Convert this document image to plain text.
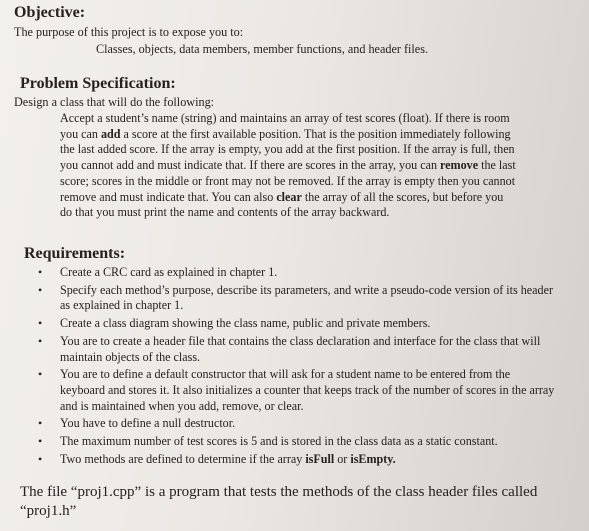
Objective:
The purpose of this project is to expose you to:
Classes, objects, data members, member functions, and header files.
Problem Specification:
Design a class that will do the following:
Accept a student’s name (string) and maintains an array of test scores (float). If there is room you can add a score at the first available position. That is the position immediately following the last added score. If the array is empty, you add at the first position. If the array is full, then you cannot add and must indicate that. If there are scores in the array, you can remove the last score; scores in the middle or front may not be removed. If the array is empty then you cannot remove and must indicate that. You can also clear the array of all the scores, but before you do that you must print the name and contents of the array backward.
Requirements:
• Create a CRC card as explained in chapter 1.
• Specify each method’s purpose, describe its parameters, and write a pseudo-code version of its header as explained in chapter 1.
• Create a class diagram showing the class name, public and private members.
• You are to create a header file that contains the class declaration and interface for the class that will maintain objects of the class.
• You are to define a default constructor that will ask for a student name to be entered from the keyboard and stores it. It also initializes a counter that keeps track of the number of scores in the array and is maintained when you add, remove, or clear.
• You have to define a null destructor.
• The maximum number of test scores is 5 and is stored in the class data as a static constant.
• Two methods are defined to determine if the array isFull or isEmpty.

The file “proj1.cpp” is a program that tests the methods of the class header files called “proj1.h”
